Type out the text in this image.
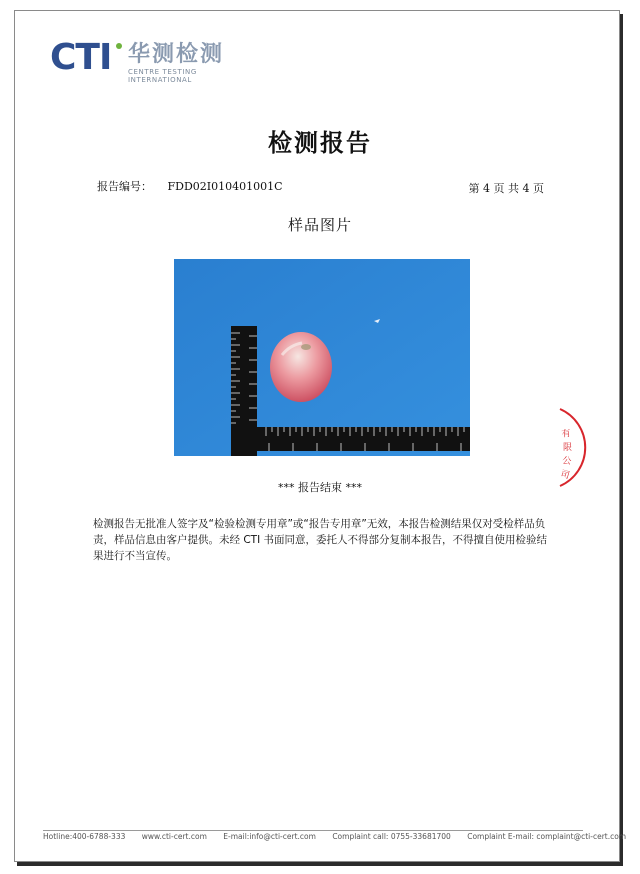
CTI 华测检测
CENTRE TESTING INTERNATIONAL
检测报告
报告编号： FDD02I010401001C	第 4 页 共 4 页
样品图片
有
限
公
司
*** 报告结束 ***
检测报告无批准人签字及“检验检测专用章”或“报告专用章”无效，本报告检测结果仅对受检样品负责，样品信息由客户提供。未经 CTI 书面同意，委托人不得部分复制本报告，不得擅自使用检验结果进行不当宣传。
Hotline:400-6788-333 www.cti-cert.com E-mail:info@cti-cert.com Complaint call: 0755-33681700 Complaint E-mail: complaint@cti-cert.com
